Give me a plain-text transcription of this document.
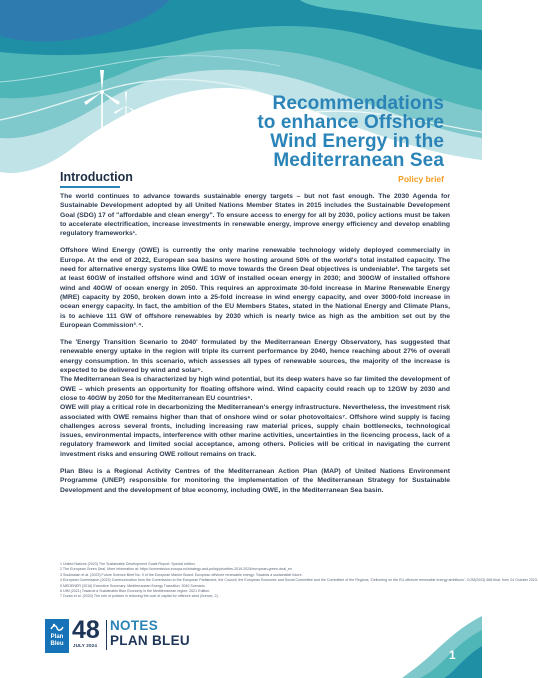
Recommendations
to enhance Offshore
Wind Energy in the
Mediterranean Sea
Policy brief
Introduction

The world continues to advance towards sustainable energy targets – but not fast enough. The 2030 Agenda for Sustainable Development adopted by all United Nations Member States in 2015 includes the Sustainable Development Goal (SDG) 17 of "affordable and clean energy". To ensure access to energy for all by 2030, policy actions must be taken to accelerate electrification, increase investments in renewable energy, improve energy efficiency and develop enabling regulatory frameworks¹.

Offshore Wind Energy (OWE) is currently the only marine renewable technology widely deployed commercially in Europe. At the end of 2022, European sea basins were hosting around 50% of the world's total installed capacity. The need for alternative energy systems like OWE to move towards the Green Deal objectives is undeniable². The targets set at least 60GW of installed offshore wind and 1GW of installed ocean energy in 2030; and 300GW of installed offshore wind and 40GW of ocean energy in 2050. This requires an approximate 30-fold increase in Marine Renewable Energy (MRE) capacity by 2050, broken down into a 25-fold increase in wind energy capacity, and over 3000-fold increase in ocean energy capacity. In fact, the ambition of the EU Members States, stated in the National Energy and Climate Plans, is to achieve 111 GW of offshore renewables by 2030 which is nearly twice as high as the ambition set out by the European Commission³˒⁴.

The 'Energy Transition Scenario to 2040' formulated by the Mediterranean Energy Observatory, has suggested that renewable energy uptake in the region will triple its current performance by 2040, hence reaching about 27% of overall energy consumption. In this scenario, which assesses all types of renewable sources, the majority of the increase is expected to be delivered by wind and solar⁵.

The Mediterranean Sea is characterized by high wind potential, but its deep waters have so far limited the development of OWE – which presents an opportunity for floating offshore wind. Wind capacity could reach up to 12GW by 2030 and close to 40GW by 2050 for the Mediterranean EU countries⁶.

OWE will play a critical role in decarbonizing the Mediterranean's energy infrastructure. Nevertheless, the investment risk associated with OWE remains higher than that of onshore wind or solar photovoltaics⁷. Offshore wind supply is facing challenges across several fronts, including increasing raw material prices, supply chain bottlenecks, technological issues, environmental impacts, interference with other marine activities, uncertainties in the licencing process, lack of a regulatory framework and limited social acceptance, among others. Policies will be critical in navigating the current investment risks and ensuring OWE rollout remains on track.

Plan Bleu is a Regional Activity Centres of the Mediterranean Action Plan (MAP) of United Nations Environment Programme (UNEP) responsible for monitoring the implementation of the Mediterranean Strategy for Sustainable Development and the development of blue economy, including OWE, in the Mediterranean Sea basin.

1 United Nations (2023) The Sustainable Development Goals Report: Special edition.
2 The European Green Deal. More information at: https://commission.europa.eu/strategy-and-policy/priorities-2019-2024/european-green-deal_en
3 Soukissian et al. (2023) Future Science Brief No. 9 of the European Marine Board: European offshore renewable energy: Towards a sustainable future.
4 European Commission (2023) Communication from the Commission to the European Parliament, the Council, the European Economic and Social Committee and the Committee of the Regions, 'Delivering on the EU offshore renewable energy ambitions', COM(2023) 668 final, from 24 October 2023.
5 MEDENER (2016) Executive Summary: Mediterranean Energy Transition: 2040 Scenario.
6 UfM (2021) Towards a Sustainable Blue Economy in the Mediterranean region: 2021 Edition.
7 Duran et al. (2020) The role of policies in reducing the cost of capital for offshore wind (licence, 2)..
Plan
Bleu 48
JULY 2024
NOTES
PLAN BLEU
1
